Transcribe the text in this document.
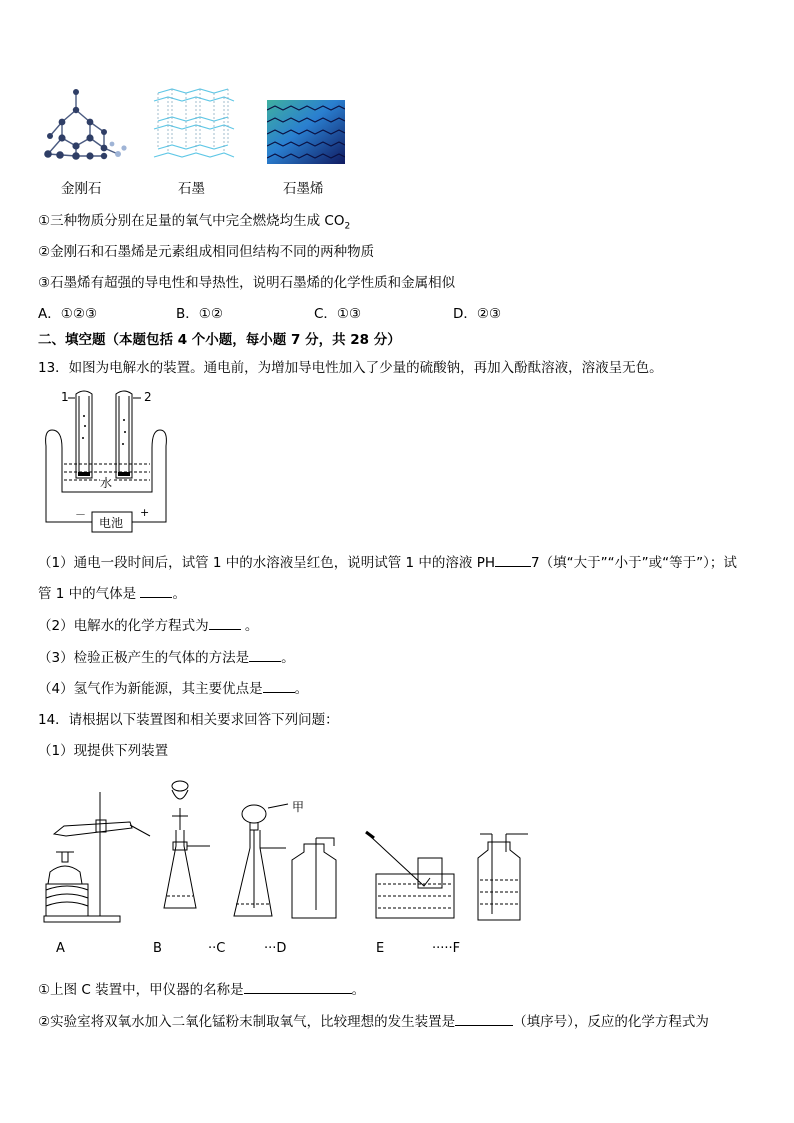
金刚石	石墨	石墨烯
①三种物质分别在足量的氧气中完全燃烧均生成 $CO_2$
②金刚石和石墨烯是元素组成相同但结构不同的两种物质
③石墨烯有超强的导电性和导热性，说明石墨烯的化学性质和金属相似
A．①②③	B．①②	C．①③	D．②③
二、填空题（本题包括 4 个小题，每小题 7 分，共 28 分）
13．如图为电解水的装置。通电前，为增加导电性加入了少量的硫酸钠，再加入酚酞溶液，溶液呈无色。
1	2
水
电池
－	+
（1）通电一段时间后，试管 1 中的水溶液呈红色，说明试管 1 中的溶液 PH	7（填“大于”“小于”或“等于”）；试
管 1 中的气体是 。
（2）电解水的化学方程式为 。
（3）检验正极产生的气体的方法是 。
（4）氢气作为新能源，其主要优点是 。
14．请根据以下装置图和相关要求回答下列问题：
（1）现提供下列装置
甲
A	B	··C	···D	E	·····F
①上图 C 装置中，甲仪器的名称是	。
②实验室将双氧水加入二氧化锰粉末制取氧气，比较理想的发生装置是	（填序号），反应的化学方程式为
